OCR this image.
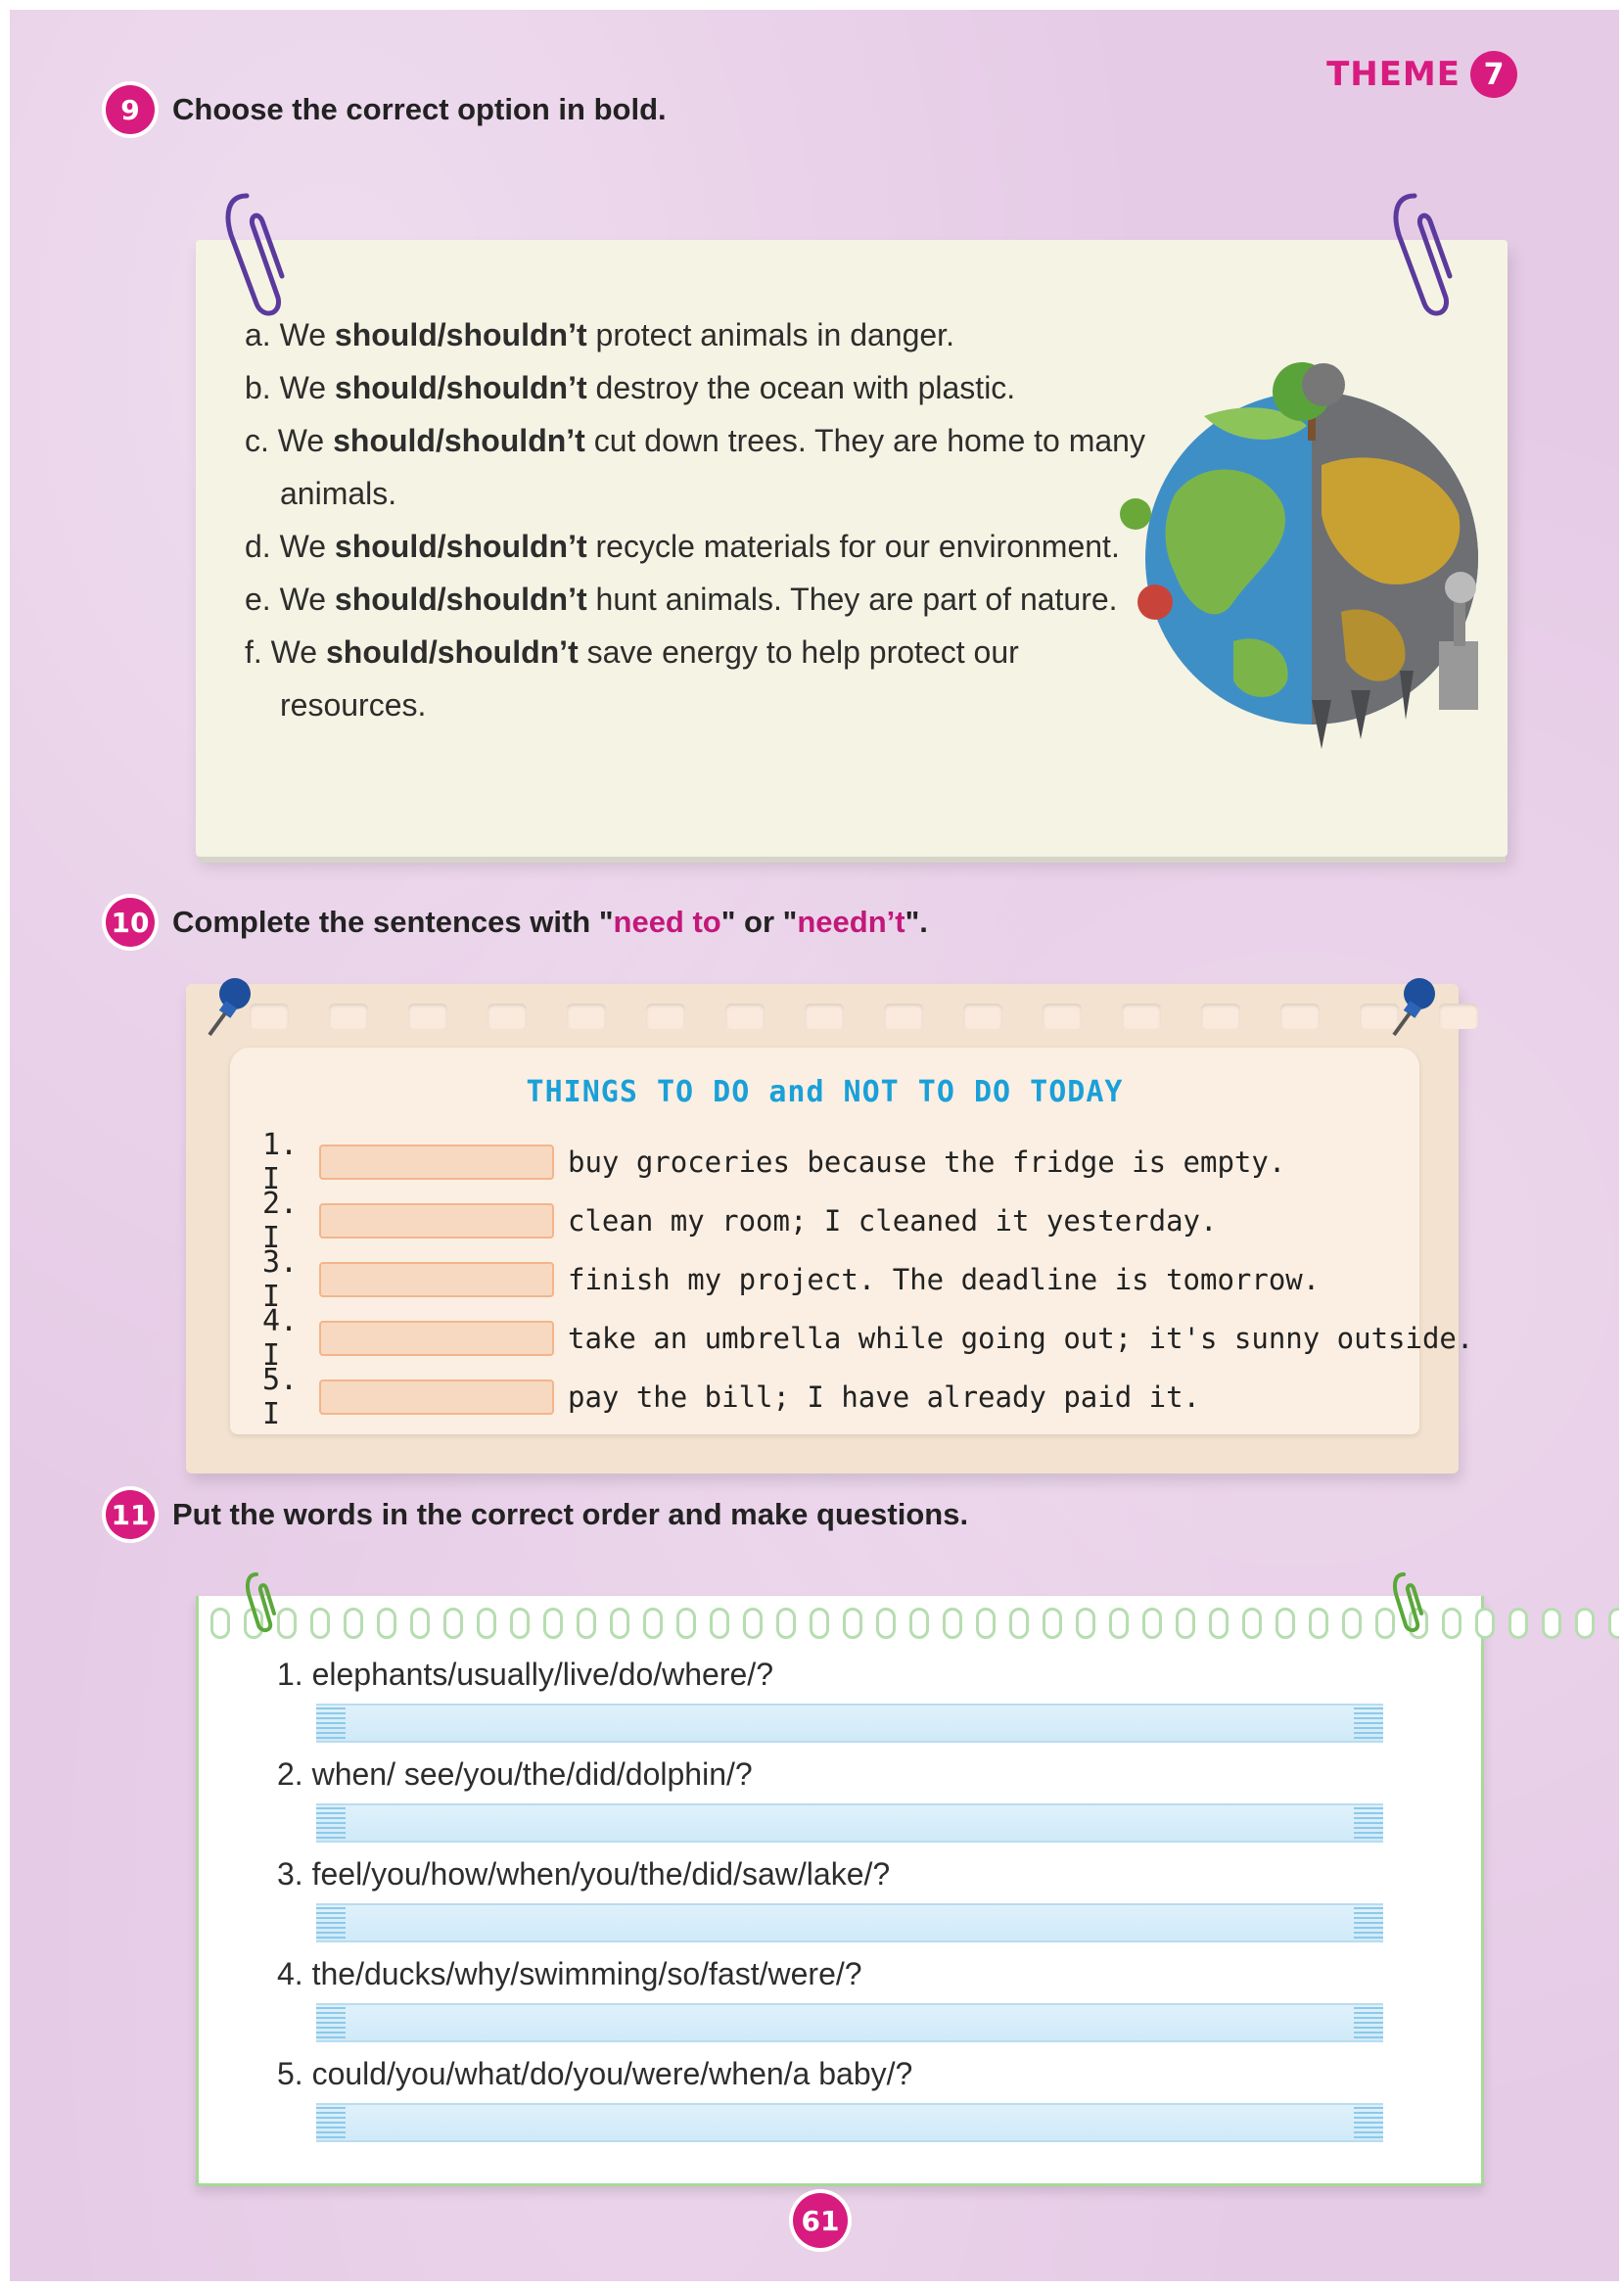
THEME 7
9	Choose the correct option in bold.
a. We should/shouldn’t protect animals in danger.
b. We should/shouldn’t destroy the ocean with plastic.
c. We should/shouldn’t cut down trees. They are home to many animals.
d. We should/shouldn’t recycle materials for our environment.
e. We should/shouldn’t hunt animals. They are part of nature.
f. We should/shouldn’t save energy to help protect our resources.
10 Complete the sentences with "need to" or "needn’t".
THINGS TO DO and NOT TO DO TODAY
1. I	buy groceries because the fridge is empty.
2. I	clean my room; I cleaned it yesterday.
3. I	finish my project. The deadline is tomorrow.
4. I	take an umbrella while going out; it's sunny outside.
5. I	pay the bill; I have already paid it.
11 Put the words in the correct order and make questions.
1. elephants/usually/live/do/where/?
2. when/ see/you/the/did/dolphin/?
3. feel/you/how/when/you/the/did/saw/lake/?
4. the/ducks/why/swimming/so/fast/were/?
5. could/you/what/do/you/were/when/a baby/?
61
